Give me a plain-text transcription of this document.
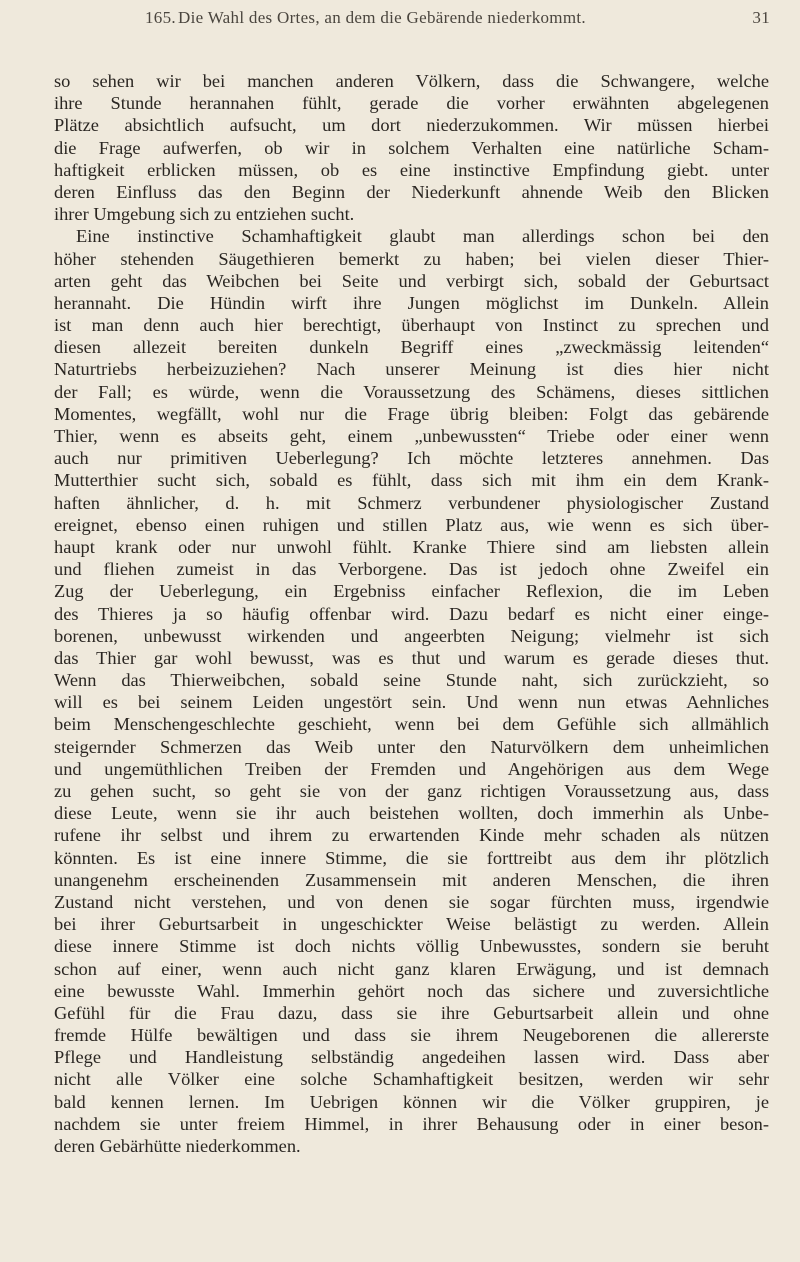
165. Die Wahl des Ortes, an dem die Gebärende niederkommt.	31
so sehen wir bei manchen anderen Völkern, dass die Schwangere, welche
ihre Stunde herannahen fühlt, gerade die vorher erwähnten abgelegenen
Plätze absichtlich aufsucht, um dort niederzukommen. Wir müssen hierbei
die Frage aufwerfen, ob wir in solchem Verhalten eine natürliche Scham-
haftigkeit erblicken müssen, ob es eine instinctive Empfindung giebt. unter
deren Einfluss das den Beginn der Niederkunft ahnende Weib den Blicken
ihrer Umgebung sich zu entziehen sucht.
Eine instinctive Schamhaftigkeit glaubt man allerdings schon bei den
höher stehenden Säugethieren bemerkt zu haben; bei vielen dieser Thier-
arten geht das Weibchen bei Seite und verbirgt sich, sobald der Geburtsact
herannaht. Die Hündin wirft ihre Jungen möglichst im Dunkeln. Allein
ist man denn auch hier berechtigt, überhaupt von Instinct zu sprechen und
diesen allezeit bereiten dunkeln Begriff eines „zweckmässig leitenden“
Naturtriebs herbeizuziehen? Nach unserer Meinung ist dies hier nicht
der Fall; es würde, wenn die Voraussetzung des Schämens, dieses sittlichen
Momentes, wegfällt, wohl nur die Frage übrig bleiben: Folgt das gebärende
Thier, wenn es abseits geht, einem „unbewussten“ Triebe oder einer wenn
auch nur primitiven Ueberlegung? Ich möchte letzteres annehmen. Das
Mutterthier sucht sich, sobald es fühlt, dass sich mit ihm ein dem Krank-
haften ähnlicher, d. h. mit Schmerz verbundener physiologischer Zustand
ereignet, ebenso einen ruhigen und stillen Platz aus, wie wenn es sich über-
haupt krank oder nur unwohl fühlt. Kranke Thiere sind am liebsten allein
und fliehen zumeist in das Verborgene. Das ist jedoch ohne Zweifel ein
Zug der Ueberlegung, ein Ergebniss einfacher Reflexion, die im Leben
des Thieres ja so häufig offenbar wird. Dazu bedarf es nicht einer einge-
borenen, unbewusst wirkenden und angeerbten Neigung; vielmehr ist sich
das Thier gar wohl bewusst, was es thut und warum es gerade dieses thut.
Wenn das Thierweibchen, sobald seine Stunde naht, sich zurückzieht, so
will es bei seinem Leiden ungestört sein. Und wenn nun etwas Aehnliches
beim Menschengeschlechte geschieht, wenn bei dem Gefühle sich allmählich
steigernder Schmerzen das Weib unter den Naturvölkern dem unheimlichen
und ungemüthlichen Treiben der Fremden und Angehörigen aus dem Wege
zu gehen sucht, so geht sie von der ganz richtigen Voraussetzung aus, dass
diese Leute, wenn sie ihr auch beistehen wollten, doch immerhin als Unbe-
rufene ihr selbst und ihrem zu erwartenden Kinde mehr schaden als nützen
könnten. Es ist eine innere Stimme, die sie forttreibt aus dem ihr plötzlich
unangenehm erscheinenden Zusammensein mit anderen Menschen, die ihren
Zustand nicht verstehen, und von denen sie sogar fürchten muss, irgendwie
bei ihrer Geburtsarbeit in ungeschickter Weise belästigt zu werden. Allein
diese innere Stimme ist doch nichts völlig Unbewusstes, sondern sie beruht
schon auf einer, wenn auch nicht ganz klaren Erwägung, und ist demnach
eine bewusste Wahl. Immerhin gehört noch das sichere und zuversichtliche
Gefühl für die Frau dazu, dass sie ihre Geburtsarbeit allein und ohne
fremde Hülfe bewältigen und dass sie ihrem Neugeborenen die allererste
Pflege und Handleistung selbständig angedeihen lassen wird. Dass aber
nicht alle Völker eine solche Schamhaftigkeit besitzen, werden wir sehr
bald kennen lernen. Im Uebrigen können wir die Völker gruppiren, je
nachdem sie unter freiem Himmel, in ihrer Behausung oder in einer beson-
deren Gebärhütte niederkommen.
